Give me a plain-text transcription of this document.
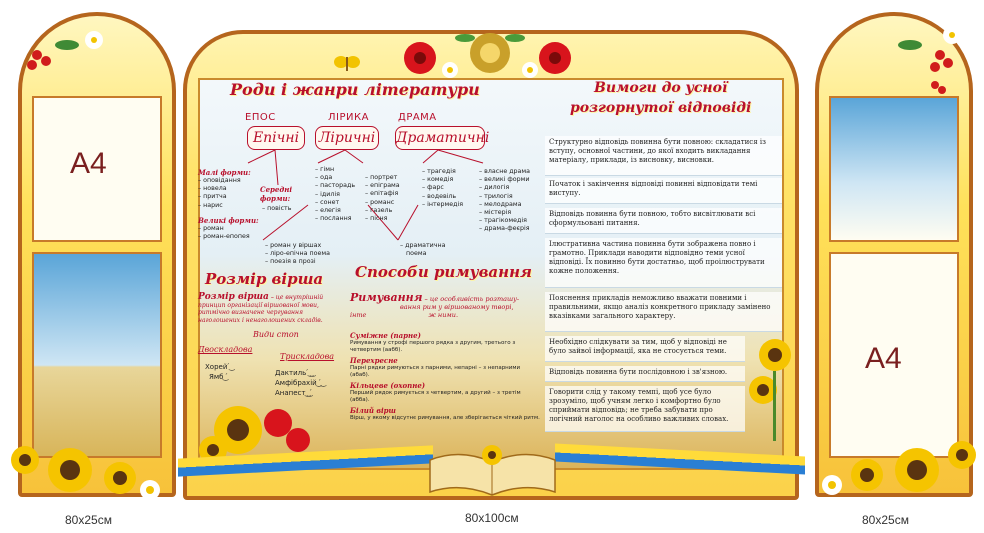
A4
80x25см
A4
80x25см
80x100см
Роди і жанри літератури
ЕПОС	ЛІРИКА	ДРАМА
Епічні	Ліричні Драматичні
Малі форми:
– оповідання
– новела
– притча
– нарис
Середні форми:
– повість
Великі форми:
– роман
– роман-епопея
– гімн
– ода
– пасторадь
– ідилія
– сонет
– елегія
– послання
– портрет
– епіграма
– епітафія
– романс
– газель
– пісня
– трагедія
– комедія
– фарс
– водевіль
– інтермедія
– власне драма
– великі форми
– дилогія
– трилогія
– мелодрама
– містерія
– трагікомедія
– драма-феєрія
– роман у віршах
– ліро-епічна поема
– поезія в прозі
– драматична
поема
Розмір вірша
Розмір вірша – це внутрішній принцип організації віршованої мови, ритмічно визначене чергування наголошених і ненаголошених складів.
Види стоп
Двоскладова
Трискладова
Хорей ́ ͜
Ямб ͜ ́	Дактиль ́ ͜ ͜
Амфібрахій ͜ ́ ͜
Анапест ͜ ͜ ́
Способи римування
Римування – це особливість розташу-
вання рим у віршованому творі,
інте	ж ними.
Суміжне (парне)
Римування у строфі першого рядка з другим, третього з четвертим (аабб).
Перехресне
Парні рядки римуються з парними, непарні – з непарними (абаб).
Кільцеве (охопне)
Перший рядок римується з четвертим, а другий – з третім (абба).
Білий вірш
Вірш, у якому відсутнє римування, але зберігається чіткий ритм.
Вимоги до усної
розгорнутої відповіді
Структурно відповідь повинна бути повною: складатися із вступу, основної частини, до якої входить викладання матеріалу, приклади, із висновку, висновки.
Початок і закінчення відповіді повинні відповідати темі виступу.
Відповідь повинна бути повною, тобто висвітлювати всі сформульовані питання.
Ілюстративна частина повинна бути зображена повно і грамотно. Приклади наводити відповідно теми усної відповіді. Їх повинно бути достатньо, щоб проілюструвати кожне положення.
Пояснення прикладів неможливо вважати повними і правильними, якщо аналіз конкретного прикладу замінено вказівками загального характеру.
Необхідно слідкувати за тим, щоб у відповіді не було зайвої інформації, яка не стосується теми.
Відповідь повинна бути послідовною і зв'язною.
Говорити слід у такому темпі, щоб усе було зрозуміло, щоб учням легко і комфортно було сприймати відповідь; не треба забувати про логічний наголос на особливо важливих словах.
